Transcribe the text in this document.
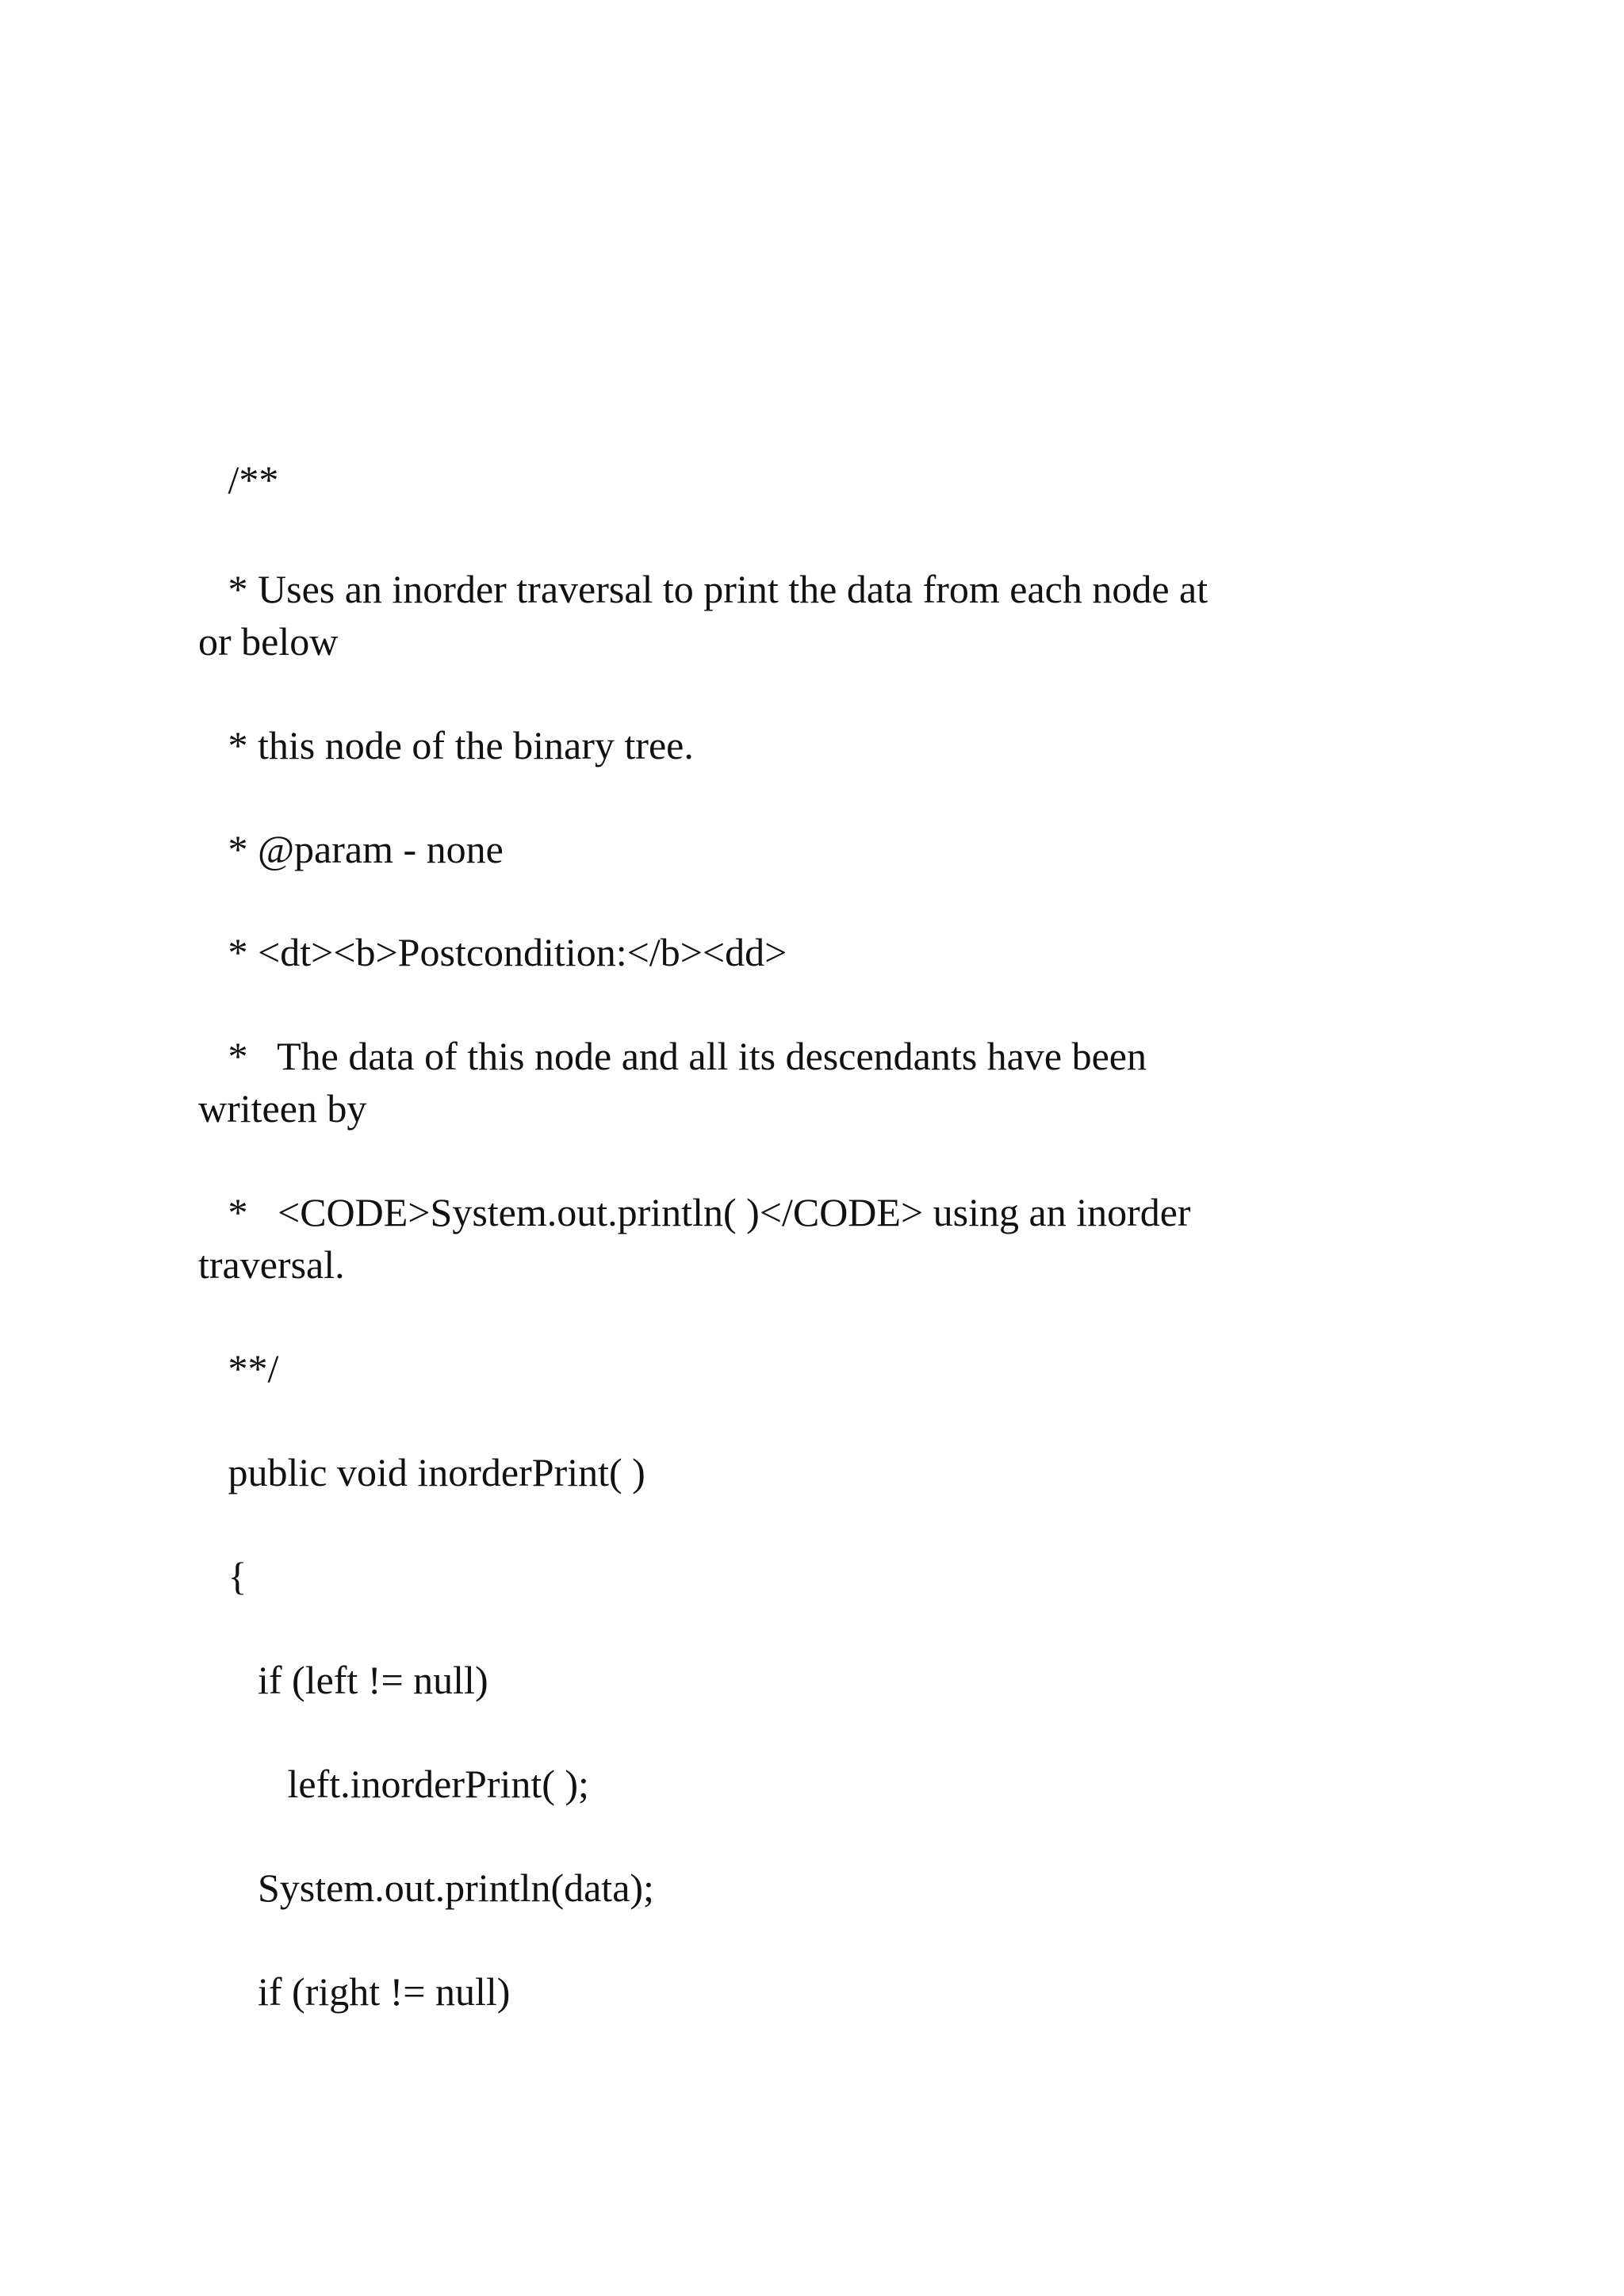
/**
* Uses an inorder traversal to print the data from each node at
or below
* this node of the binary tree.
* @param - none
* <dt><b>Postcondition:</b><dd>
*   The data of this node and all its descendants have been
writeen by
*   <CODE>System.out.println( )</CODE> using an inorder
traversal.
**/
public void inorderPrint( )
{
if (left != null)
left.inorderPrint( );
System.out.println(data);
if (right != null)
